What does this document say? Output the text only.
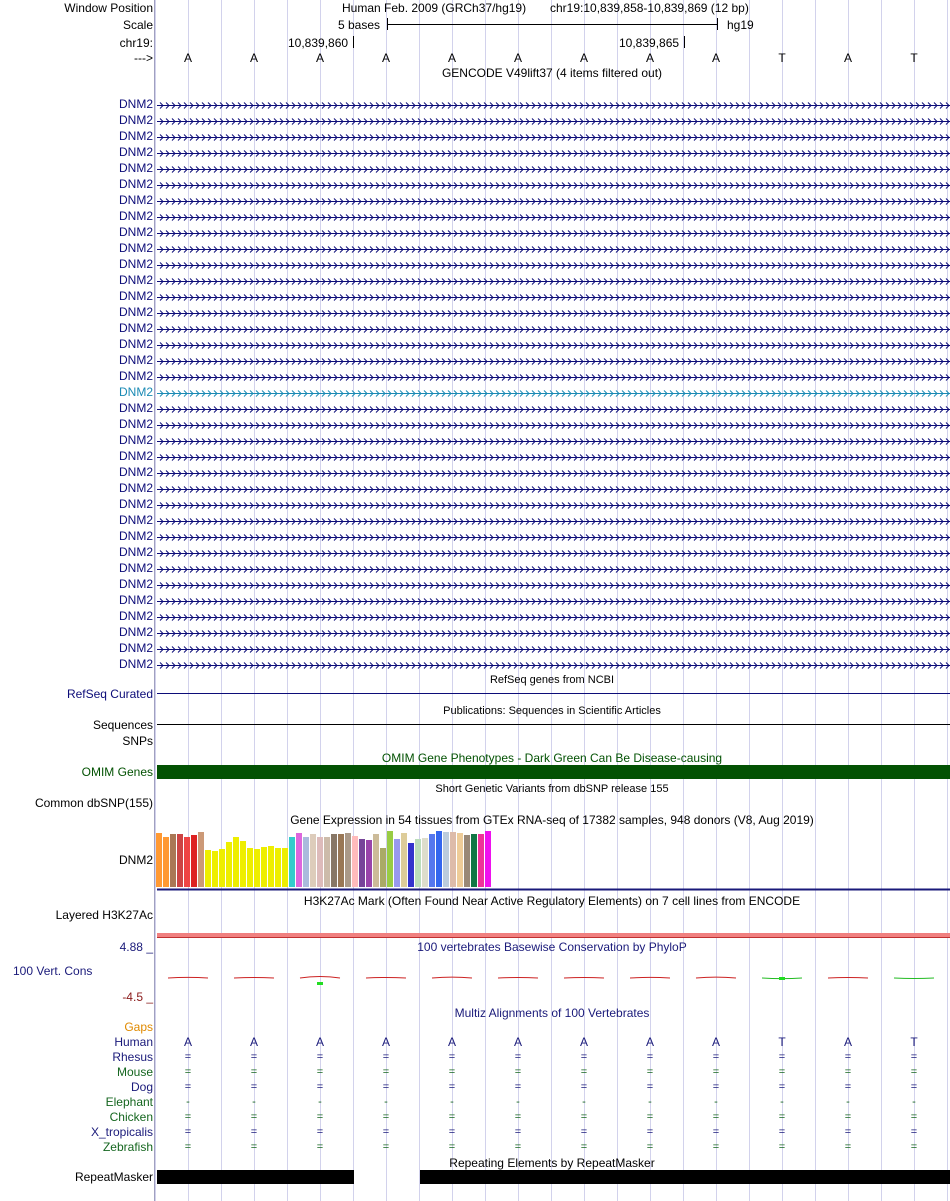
Window Position	Human Feb. 2009 (GRCh37/hg19) chr19:10,839,858-10,839,869 (12 bp)
Scale	5 bases	hg19
chr19:	10,839,860	10,839,865
--->	A	A	A	A	A	A	A	A	A	T	A	T
GENCODE V49lift37 (4 items filtered out)
DNM2
DNM2
DNM2
DNM2
DNM2
DNM2
DNM2
DNM2
DNM2
DNM2
DNM2
DNM2
DNM2
DNM2
DNM2
DNM2
DNM2
DNM2
DNM2
DNM2
DNM2
DNM2
DNM2
DNM2
DNM2
DNM2
DNM2
DNM2
DNM2
DNM2
DNM2
DNM2
DNM2
DNM2
DNM2
DNM2
RefSeq genes from NCBI
RefSeq Curated
Publications: Sequences in Scientific Articles
Sequences
SNPs
OMIM Gene Phenotypes - Dark Green Can Be Disease-causing
OMIM Genes
Short Genetic Variants from dbSNP release 155
Common dbSNP(155)
Gene Expression in 54 tissues from GTEx RNA-seq of 17382 samples, 948 donors (V8, Aug 2019)
DNM2
H3K27Ac Mark (Often Found Near Active Regulatory Elements) on 7 cell lines from ENCODE
Layered H3K27Ac
100 vertebrates Basewise Conservation by PhyloP
4.88 _
100 Vert. Cons
-4.5 _
Multiz Alignments of 100 Vertebrates
Gaps
Human	A	A	A	A	A	A	A	A	A	T	A	T
Rhesus	=	=	=	=	=	=	=	=	=	=	=	=
Mouse	=	=	=	=	=	=	=	=	=	=	=	=
Dog	=	=	=	=	=	=	=	=	=	=	=	=
Elephant	-	-	-	-	-	-	-	-	-	-	-	-
Chicken	=	=	=	=	=	=	=	=	=	=	=	=
X_tropicalis	=	=	=	=	=	=	=	=	=	=	=	=
Zebrafish	=	=	=	=	=	=	=	=	=	=	=	=
Repeating Elements by RepeatMasker
RepeatMasker
